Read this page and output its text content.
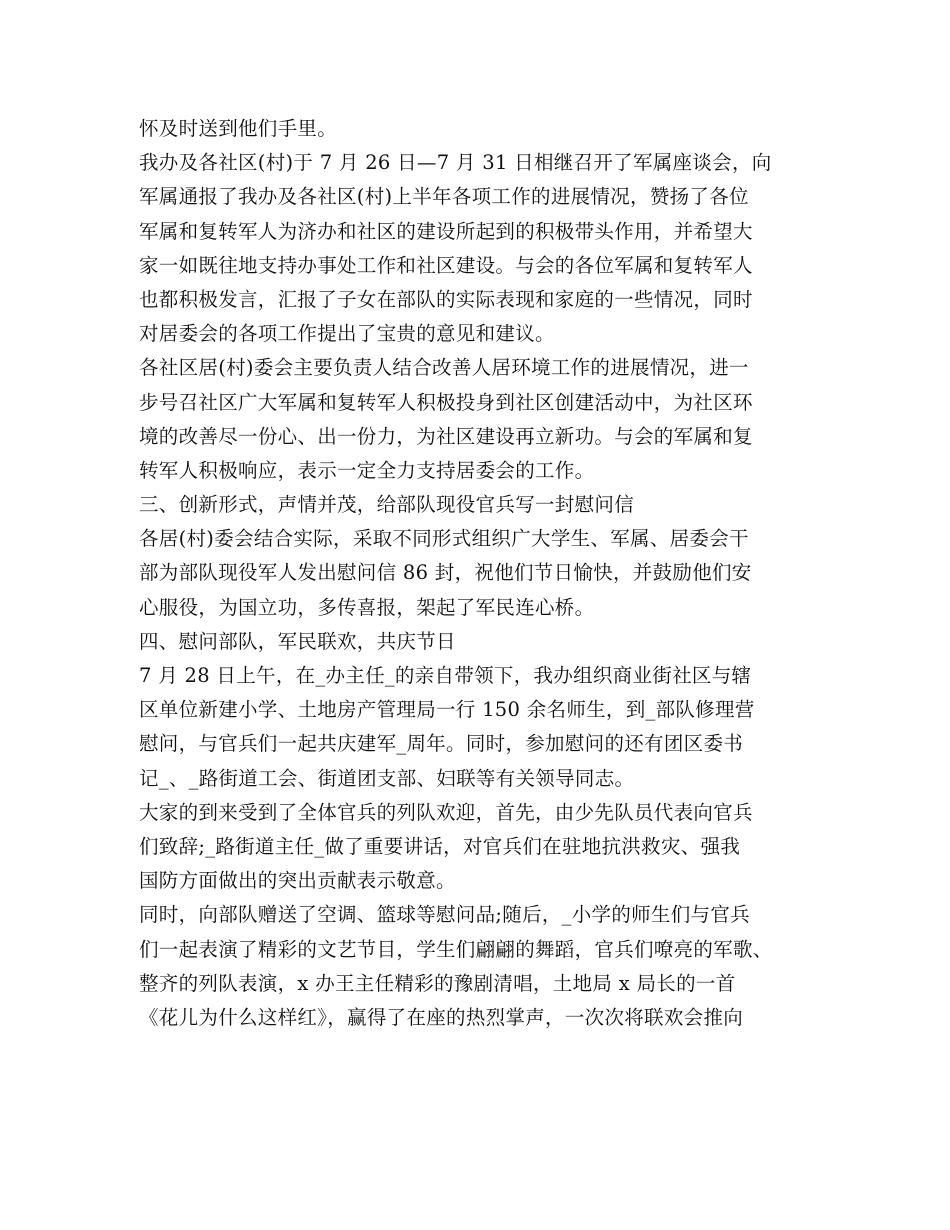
怀及时送到他们手里。
我办及各社区(村)于 7 月 26 日—7 月 31 日相继召开了军属座谈会，向
军属通报了我办及各社区(村)上半年各项工作的进展情况，赞扬了各位
军属和复转军人为济办和社区的建设所起到的积极带头作用，并希望大
家一如既往地支持办事处工作和社区建设。与会的各位军属和复转军人
也都积极发言，汇报了子女在部队的实际表现和家庭的一些情况，同时
对居委会的各项工作提出了宝贵的意见和建议。
各社区居(村)委会主要负责人结合改善人居环境工作的进展情况，进一
步号召社区广大军属和复转军人积极投身到社区创建活动中，为社区环
境的改善尽一份心、出一份力，为社区建设再立新功。与会的军属和复
转军人积极响应，表示一定全力支持居委会的工作。
三、创新形式，声情并茂，给部队现役官兵写一封慰问信
各居(村)委会结合实际，采取不同形式组织广大学生、军属、居委会干
部为部队现役军人发出慰问信 86 封，祝他们节日愉快，并鼓励他们安
心服役，为国立功，多传喜报，架起了军民连心桥。
四、慰问部队，军民联欢，共庆节日
7 月 28 日上午，在_办主任_的亲自带领下，我办组织商业街社区与辖
区单位新建小学、土地房产管理局一行 150 余名师生，到_部队修理营
慰问，与官兵们一起共庆建军_周年。同时，参加慰问的还有团区委书
记_、_路街道工会、街道团支部、妇联等有关领导同志。
大家的到来受到了全体官兵的列队欢迎，首先，由少先队员代表向官兵
们致辞;_路街道主任_做了重要讲话，对官兵们在驻地抗洪救灾、强我
国防方面做出的突出贡献表示敬意。
同时，向部队赠送了空调、篮球等慰问品;随后，_小学的师生们与官兵
们一起表演了精彩的文艺节目，学生们翩翩的舞蹈，官兵们嘹亮的军歌、
整齐的列队表演，x 办王主任精彩的豫剧清唱，土地局 x 局长的一首
《花儿为什么这样红》，赢得了在座的热烈掌声，一次次将联欢会推向
